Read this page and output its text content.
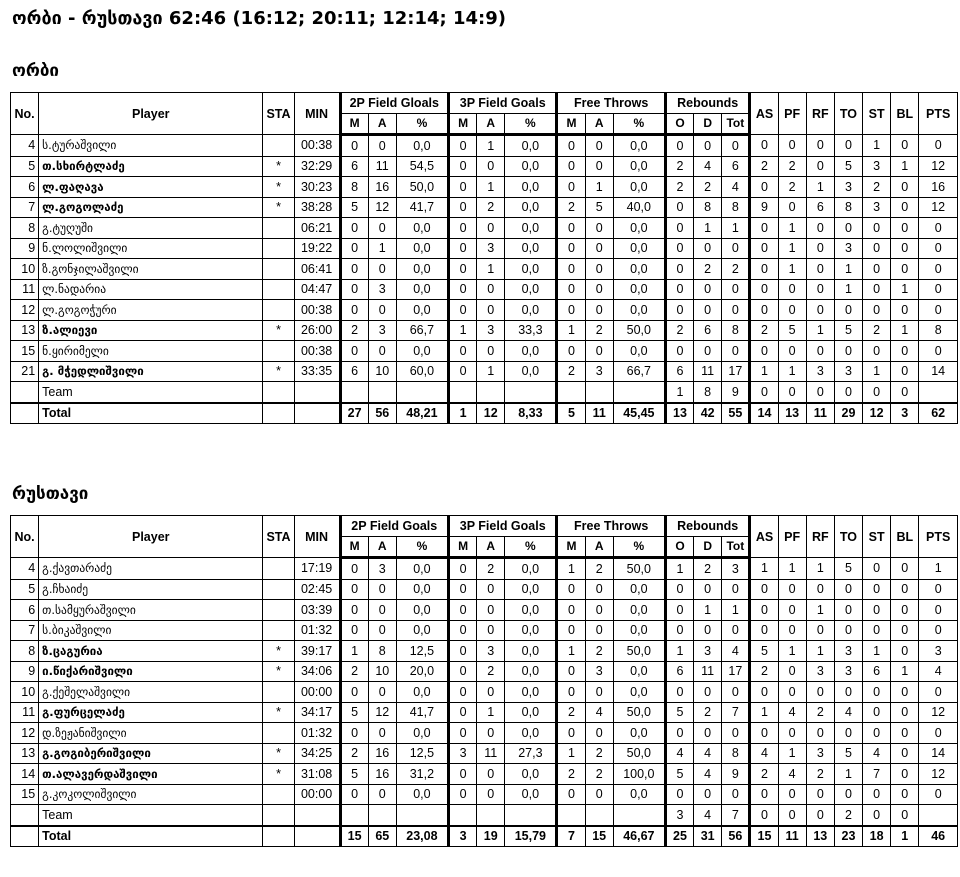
ორბი - რუსთავი 62:46 (16:12; 20:11; 12:14; 14:9)
ორბი
No.	Player	STA	MIN	2P Field Gloals			3P Field Goals			Free Throws			Rebounds			AS	PF	RF	TO	ST	BL	PTS
				M	A	%	M	A	%	M	A	%	O	D	Tot							
4	ს.ტურაშვილი		00:38	0	0	0,0	0	1	0,0	0	0	0,0	0	0	0	0	0	0	0	1	0	0
5	თ.სხირტლაძე	*	32:29	6	11	54,5	0	0	0,0	0	0	0,0	2	4	6	2	2	0	5	3	1	12
6	ლ.ფაღავა	*	30:23	8	16	50,0	0	1	0,0	0	1	0,0	2	2	4	0	2	1	3	2	0	16
7	ლ.გოგოლაძე	*	38:28	5	12	41,7	0	2	0,0	2	5	40,0	0	8	8	9	0	6	8	3	0	12
8	გ.ტუღუში		06:21	0	0	0,0	0	0	0,0	0	0	0,0	0	1	1	0	1	0	0	0	0	0
9	ნ.ლოლიშვილი		19:22	0	1	0,0	0	3	0,0	0	0	0,0	0	0	0	0	1	0	3	0	0	0
10	ზ.გონჯილაშვილი		06:41	0	0	0,0	0	1	0,0	0	0	0,0	0	2	2	0	1	0	1	0	0	0
11	ლ.ნადარია		04:47	0	3	0,0	0	0	0,0	0	0	0,0	0	0	0	0	0	0	1	0	1	0
12	ლ.გოგოჭური		00:38	0	0	0,0	0	0	0,0	0	0	0,0	0	0	0	0	0	0	0	0	0	0
13	ზ.ალიევი	*	26:00	2	3	66,7	1	3	33,3	1	2	50,0	2	6	8	2	5	1	5	2	1	8
15	ნ.ყირიმელი		00:38	0	0	0,0	0	0	0,0	0	0	0,0	0	0	0	0	0	0	0	0	0	0
21	გ. მჭედლიშვილი	*	33:35	6	10	60,0	0	1	0,0	2	3	66,7	6	11	17	1	1	3	3	1	0	14
	Team												1	8	9	0	0	0	0	0	0	
	Total			27	56	48,21	1	12	8,33	5	11	45,45	13	42	55	14	13	11	29	12	3	62
რუსთავი
No.	Player	STA	MIN	2P Field Goals			3P Field Goals			Free Throws			Rebounds			AS	PF	RF	TO	ST	BL	PTS
				M	A	%	M	A	%	M	A	%	O	D	Tot							
4	გ.ქავთარაძე		17:19	0	3	0,0	0	2	0,0	1	2	50,0	1	2	3	1	1	1	5	0	0	1
5	გ.ჩხაიძე		02:45	0	0	0,0	0	0	0,0	0	0	0,0	0	0	0	0	0	0	0	0	0	0
6	თ.სამყურაშვილი		03:39	0	0	0,0	0	0	0,0	0	0	0,0	0	1	1	0	0	1	0	0	0	0
7	ს.ბიკაშვილი		01:32	0	0	0,0	0	0	0,0	0	0	0,0	0	0	0	0	0	0	0	0	0	0
8	ზ.ცაგურია	*	39:17	1	8	12,5	0	3	0,0	1	2	50,0	1	3	4	5	1	1	3	1	0	3
9	ი.წიქარიშვილი	*	34:06	2	10	20,0	0	2	0,0	0	3	0,0	6	11	17	2	0	3	3	6	1	4
10	გ.ქეშელაშვილი		00:00	0	0	0,0	0	0	0,0	0	0	0,0	0	0	0	0	0	0	0	0	0	0
11	გ.ფურცელაძე	*	34:17	5	12	41,7	0	1	0,0	2	4	50,0	5	2	7	1	4	2	4	0	0	12
12	დ.ზეჟანიშვილი		01:32	0	0	0,0	0	0	0,0	0	0	0,0	0	0	0	0	0	0	0	0	0	0
13	გ.გოგიბერიშვილი	*	34:25	2	16	12,5	3	11	27,3	1	2	50,0	4	4	8	4	1	3	5	4	0	14
14	თ.ალავერდაშვილი	*	31:08	5	16	31,2	0	0	0,0	2	2	100,0	5	4	9	2	4	2	1	7	0	12
15	გ.კოკოლიშვილი		00:00	0	0	0,0	0	0	0,0	0	0	0,0	0	0	0	0	0	0	0	0	0	0
	Team												3	4	7	0	0	0	2	0	0	
	Total			15	65	23,08	3	19	15,79	7	15	46,67	25	31	56	15	11	13	23	18	1	46
